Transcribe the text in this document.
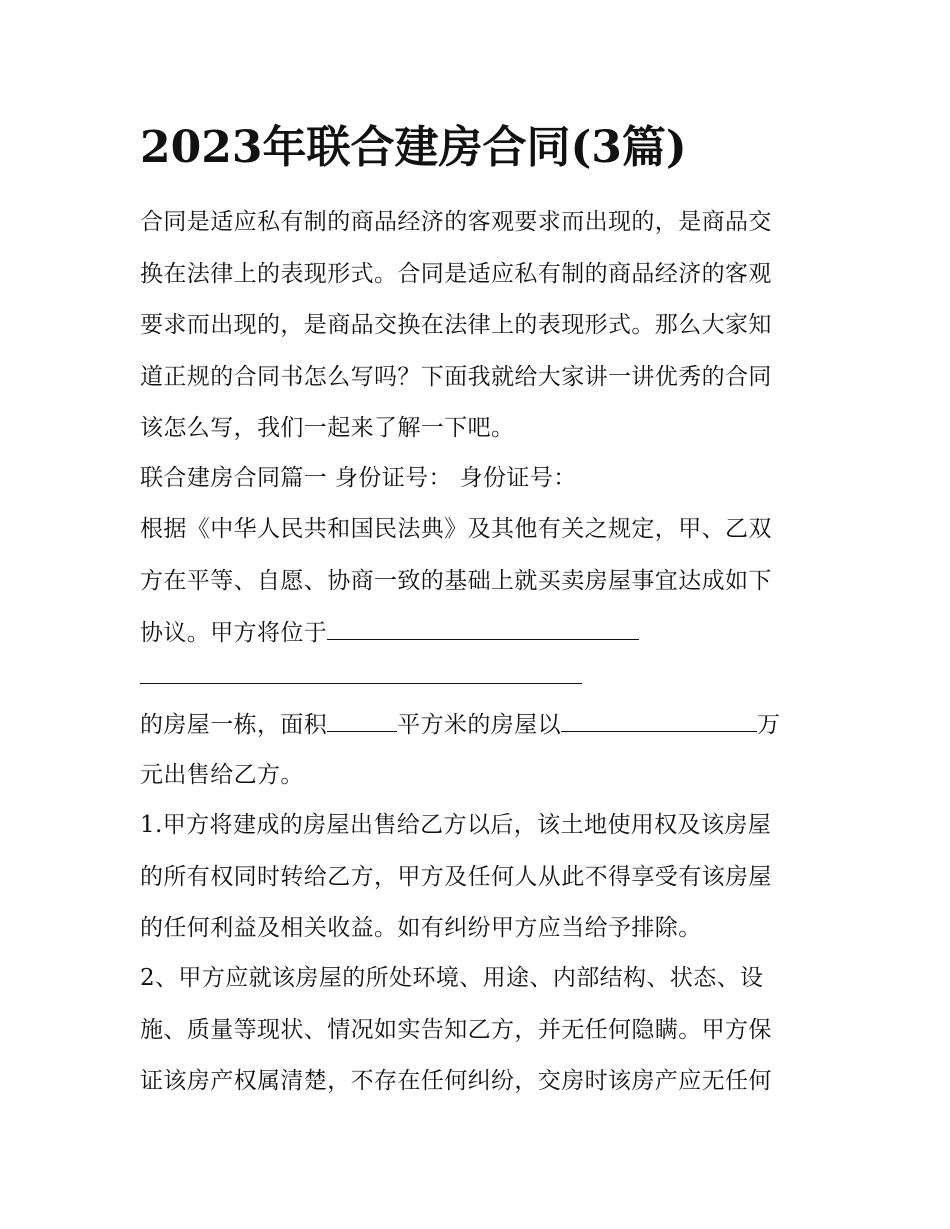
2023年联合建房合同(3篇)
合同是适应私有制的商品经济的客观要求而出现的，是商品交
换在法律上的表现形式。合同是适应私有制的商品经济的客观
要求而出现的，是商品交换在法律上的表现形式。那么大家知
道正规的合同书怎么写吗？下面我就给大家讲一讲优秀的合同
该怎么写，我们一起来了解一下吧。
联合建房合同篇一 身份证号： 身份证号：
根据《中华人民共和国民法典》及其他有关之规定，甲、乙双
方在平等、自愿、协商一致的基础上就买卖房屋事宜达成如下
协议。甲方将位于
的房屋一栋，面积	平方米的房屋以	万
元出售给乙方。
1.甲方将建成的房屋出售给乙方以后，该土地使用权及该房屋
的所有权同时转给乙方，甲方及任何人从此不得享受有该房屋
的任何利益及相关收益。如有纠纷甲方应当给予排除。
2、甲方应就该房屋的所处环境、用途、内部结构、状态、设
施、质量等现状、情况如实告知乙方，并无任何隐瞒。甲方保
证该房产权属清楚，不存在任何纠纷，交房时该房产应无任何
